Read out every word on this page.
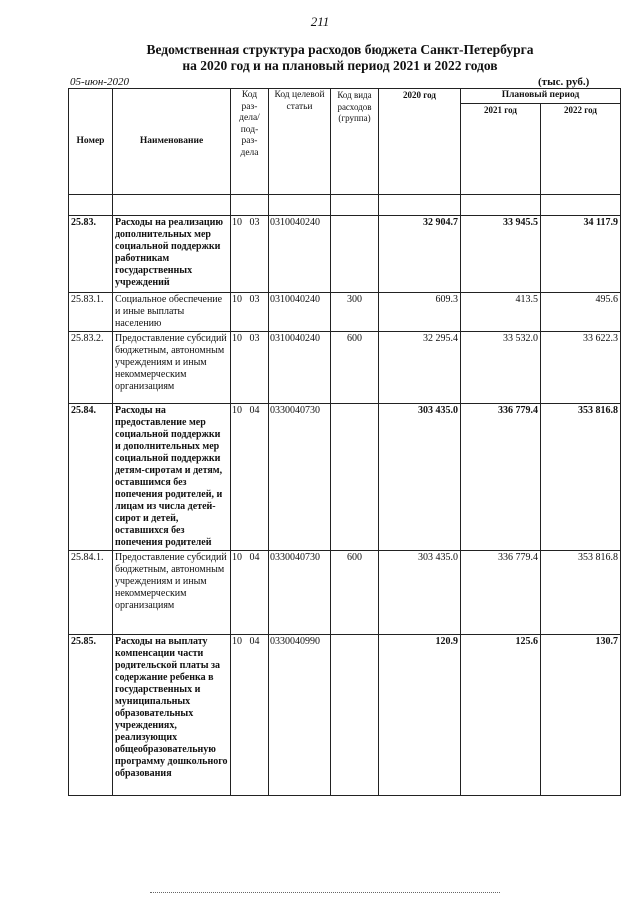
211
Ведомственная структура расходов бюджета Санкт-Петербурга
на 2020 год и на плановый период 2021 и 2022 годов
05-июн-2020	(тыс. руб.)
Номер	Наименование	Код раз-дела/ под-раз-дела	Код целевой статьи	Код вида расходов (группа)	2020 год	Плановый период	
						2021 год	2022 год

25.83.	Расходы на реализацию дополнительных мер социальной поддержки работникам государственных учреждений	10 03	0310040240		32 904.7	33 945.5	34 117.9
25.83.1.	Социальное обеспечение и иные выплаты населению	10 03	0310040240	300	609.3	413.5	495.6
25.83.2.	Предоставление субсидий бюджетным, автономным учреждениям и иным некоммерческим организациям	10 03	0310040240	600	32 295.4	33 532.0	33 622.3
25.84.	Расходы на предоставление мер социальной поддержки и дополнительных мер социальной поддержки детям-сиротам и детям, оставшимся без попечения родителей, и лицам из числа детей-сирот и детей, оставшихся без попечения родителей	10 04	0330040730		303 435.0	336 779.4	353 816.8
25.84.1.	Предоставление субсидий бюджетным, автономным учреждениям и иным некоммерческим организациям	10 04	0330040730	600	303 435.0	336 779.4	353 816.8
25.85.	Расходы на выплату компенсации части родительской платы за содержание ребенка в государственных и муниципальных образовательных учреждениях, реализующих общеобразовательную программу дошкольного образования	10 04	0330040990		120.9	125.6	130.7
